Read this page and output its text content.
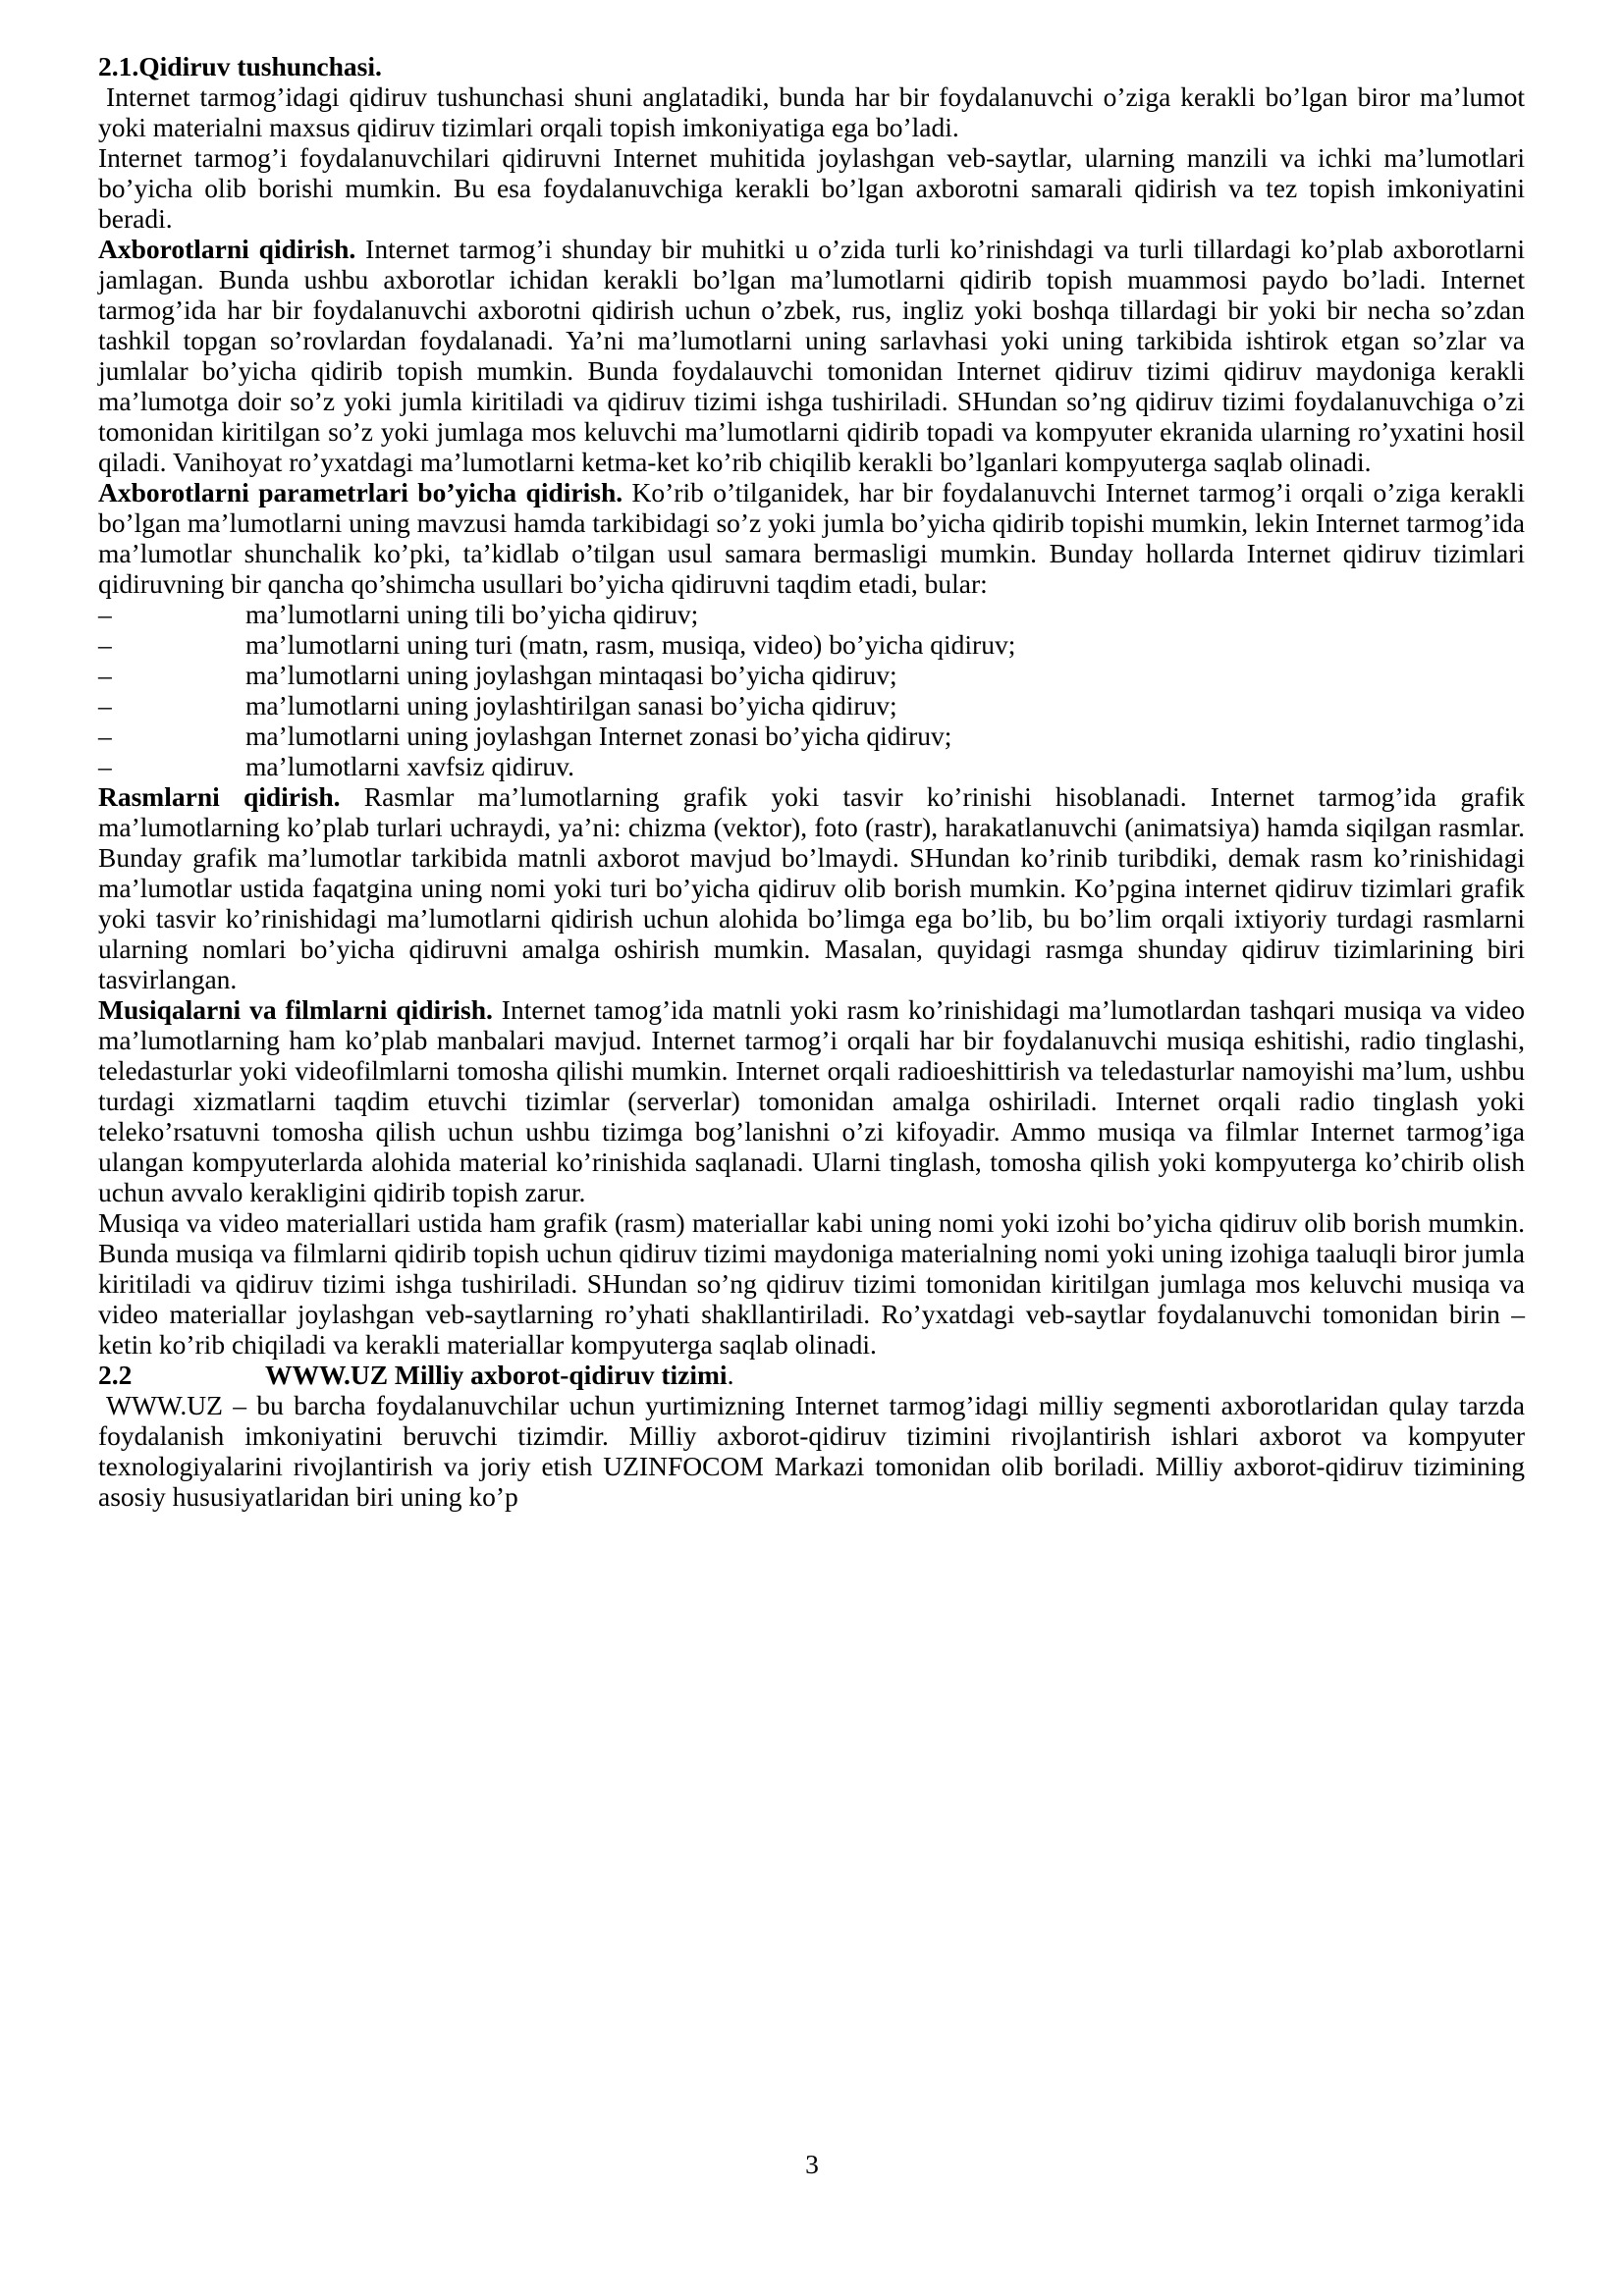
2.1.Qidiruv tushunchasi.

Internet tarmog’idagi qidiruv tushunchasi shuni anglatadiki, bunda har bir foydalanuvchi o’ziga kerakli bo’lgan biror ma’lumot yoki materialni maxsus qidiruv tizimlari orqali topish imkoniyatiga ega bo’ladi.

Internet tarmog’i foydalanuvchilari qidiruvni Internet muhitida joylashgan veb-saytlar, ularning manzili va ichki ma’lumotlari bo’yicha olib borishi mumkin. Bu esa foydalanuvchiga kerakli bo’lgan axborotni samarali qidirish va tez topish imkoniyatini beradi.

Axborotlarni qidirish. Internet tarmog’i shunday bir muhitki u o’zida turli ko’rinishdagi va turli tillardagi ko’plab axborotlarni jamlagan. Bunda ushbu axborotlar ichidan kerakli bo’lgan ma’lumotlarni qidirib topish muammosi paydo bo’ladi. Internet tarmog’ida har bir foydalanuvchi axborotni qidirish uchun o’zbek, rus, ingliz yoki boshqa tillardagi bir yoki bir necha so’zdan tashkil topgan so’rovlardan foydalanadi. Ya’ni ma’lumotlarni uning sarlavhasi yoki uning tarkibida ishtirok etgan so’zlar va jumlalar bo’yicha qidirib topish mumkin. Bunda foydalauvchi tomonidan Internet qidiruv tizimi qidiruv maydoniga kerakli ma’lumotga doir so’z yoki jumla kiritiladi va qidiruv tizimi ishga tushiriladi. SHundan so’ng qidiruv tizimi foydalanuvchiga o’zi tomonidan kiritilgan so’z yoki jumlaga mos keluvchi ma’lumotlarni qidirib topadi va kompyuter ekranida ularning ro’yxatini hosil qiladi. Vanihoyat ro’yxatdagi ma’lumotlarni ketma-ket ko’rib chiqilib kerakli bo’lganlari kompyuterga saqlab olinadi.

Axborotlarni parametrlari bo’yicha qidirish. Ko’rib o’tilganidek, har bir foydalanuvchi Internet tarmog’i orqali o’ziga kerakli bo’lgan ma’lumotlarni uning mavzusi hamda tarkibidagi so’z yoki jumla bo’yicha qidirib topishi mumkin, lekin Internet tarmog’ida ma’lumotlar shunchalik ko’pki, ta’kidlab o’tilgan usul samara bermasligi mumkin. Bunday hollarda Internet qidiruv tizimlari qidiruvning bir qancha qo’shimcha usullari bo’yicha qidiruvni taqdim etadi, bular:

–	ma’lumotlarni uning tili bo’yicha qidiruv;
–	ma’lumotlarni uning turi (matn, rasm, musiqa, video) bo’yicha qidiruv;
–	ma’lumotlarni uning joylashgan mintaqasi bo’yicha qidiruv;
–	ma’lumotlarni uning joylashtirilgan sanasi bo’yicha qidiruv;
–	ma’lumotlarni uning joylashgan Internet zonasi bo’yicha qidiruv;
–	ma’lumotlarni xavfsiz qidiruv.

Rasmlarni qidirish. Rasmlar ma’lumotlarning grafik yoki tasvir ko’rinishi hisoblanadi. Internet tarmog’ida grafik ma’lumotlarning ko’plab turlari uchraydi, ya’ni: chizma (vektor), foto (rastr), harakatlanuvchi (animatsiya) hamda siqilgan rasmlar. Bunday grafik ma’lumotlar tarkibida matnli axborot mavjud bo’lmaydi. SHundan ko’rinib turibdiki, demak rasm ko’rinishidagi ma’lumotlar ustida faqatgina uning nomi yoki turi bo’yicha qidiruv olib borish mumkin. Ko’pgina internet qidiruv tizimlari grafik yoki tasvir ko’rinishidagi ma’lumotlarni qidirish uchun alohida bo’limga ega bo’lib, bu bo’lim orqali ixtiyoriy turdagi rasmlarni ularning nomlari bo’yicha qidiruvni amalga oshirish mumkin. Masalan, quyidagi rasmga shunday qidiruv tizimlarining biri tasvirlangan.

Musiqalarni va filmlarni qidirish. Internet tamog’ida matnli yoki rasm ko’rinishidagi ma’lumotlardan tashqari musiqa va video ma’lumotlarning ham ko’plab manbalari mavjud. Internet tarmog’i orqali har bir foydalanuvchi musiqa eshitishi, radio tinglashi, teledasturlar yoki videofilmlarni tomosha qilishi mumkin. Internet orqali radioeshittirish va teledasturlar namoyishi ma’lum, ushbu turdagi xizmatlarni taqdim etuvchi tizimlar (serverlar) tomonidan amalga oshiriladi. Internet orqali radio tinglash yoki teleko’rsatuvni tomosha qilish uchun ushbu tizimga bog’lanishni o’zi kifoyadir. Ammo musiqa va filmlar Internet tarmog’iga ulangan kompyuterlarda alohida material ko’rinishida saqlanadi. Ularni tinglash, tomosha qilish yoki kompyuterga ko’chirib olish uchun avvalo kerakligini qidirib topish zarur.

Musiqa va video materiallari ustida ham grafik (rasm) materiallar kabi uning nomi yoki izohi bo’yicha qidiruv olib borish mumkin. Bunda musiqa va filmlarni qidirib topish uchun qidiruv tizimi maydoniga materialning nomi yoki uning izohiga taaluqli biror jumla kiritiladi va qidiruv tizimi ishga tushiriladi. SHundan so’ng qidiruv tizimi tomonidan kiritilgan jumlaga mos keluvchi musiqa va video materiallar joylashgan veb-saytlarning ro’yhati shakllantiriladi. Ro’yxatdagi veb-saytlar foydalanuvchi tomonidan birin – ketin ko’rib chiqiladi va kerakli materiallar kompyuterga saqlab olinadi.

2.2	WWW.UZ Milliy axborot-qidiruv tizimi.

WWW.UZ – bu barcha foydalanuvchilar uchun yurtimizning Internet tarmog’idagi milliy segmenti axborotlaridan qulay tarzda foydalanish imkoniyatini beruvchi tizimdir. Milliy axborot-qidiruv tizimini rivojlantirish ishlari axborot va kompyuter texnologiyalarini rivojlantirish va joriy etish UZINFOCOM Markazi tomonidan olib boriladi. Milliy axborot-qidiruv tizimining asosiy hususiyatlaridan biri uning ko’p

3
